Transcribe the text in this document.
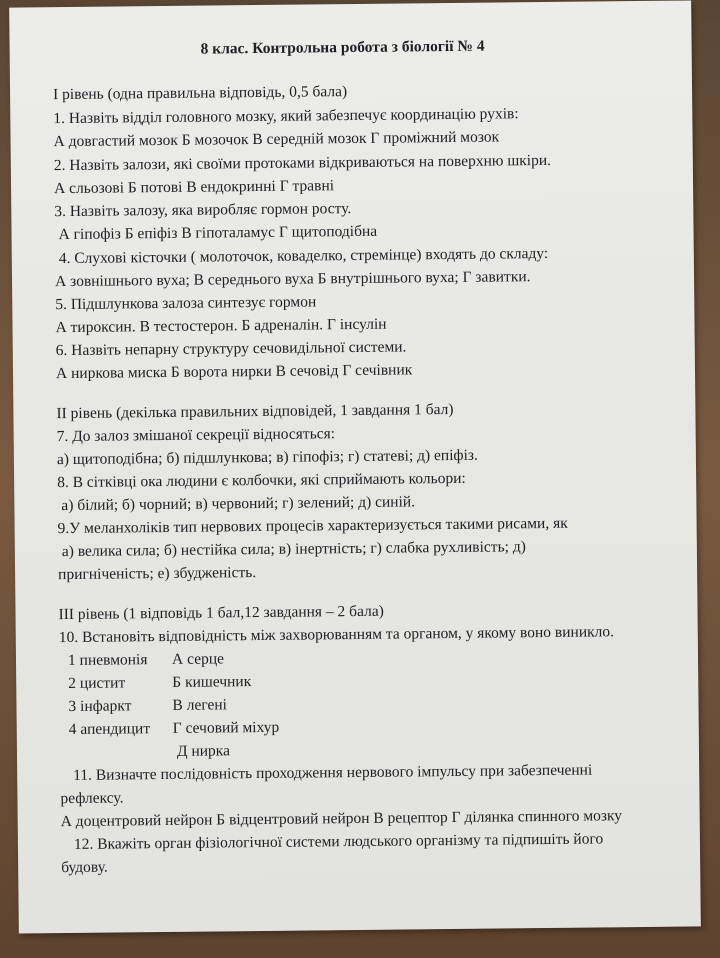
8 клас. Контрольна робота з біології № 4
І рівень (одна правильна відповідь, 0,5 бала)
1. Назвіть відділ головного мозку, який забезпечує координацію рухів:
А довгастий мозок Б мозочок В середній мозок Г проміжний мозок
2. Назвіть залози, які своїми протоками відкриваються на поверхню шкіри.
А сльозові Б потові В ендокринні Г травні
3. Назвіть залозу, яка виробляє гормон росту.
А гіпофіз Б епіфіз В гіпоталамус Г щитоподібна
4. Слухові кісточки ( молоточок, коваделко, стремінце) входять до складу:
А зовнішнього вуха; В середнього вуха Б внутрішнього вуха; Г завитки.
5. Підшлункова залоза синтезує гормон
А тироксин. В тестостерон. Б адреналін. Г інсулін
6. Назвіть непарну структуру сечовидільної системи.
А ниркова миска Б ворота нирки В сечовід Г сечівник
ІІ рівень (декілька правильних відповідей, 1 завдання 1 бал)
7. До залоз змішаної секреції відносяться:
а) щитоподібна; б) підшлункова; в) гіпофіз; г) статеві; д) епіфіз.
8. В сітківці ока людини є колбочки, які сприймають кольори:
а) білий; б) чорний; в) червоний; г) зелений; д) синій.
9.У меланхоліків тип нервових процесів характеризується такими рисами, як
а) велика сила; б) нестійка сила; в) інертність; г) слабка рухливість; д)
пригніченість; е) збудженість.
ІІІ рівень (1 відповідь 1 бал,12 завдання – 2 бала)
10. Встановіть відповідність між захворюванням та органом, у якому воно виникло.
1 пневмонія А серце
2 цистит	Б кишечник
3 інфаркт	В легені
4 апендицит Г сечовий міхур
Д нирка
11. Визначте послідовність проходження нервового імпульсу при забезпеченні
рефлексу.
А доцентровий нейрон Б відцентровий нейрон В рецептор Г ділянка спинного мозку
12. Вкажіть орган фізіологічної системи людського організму та підпишіть його
будову.
